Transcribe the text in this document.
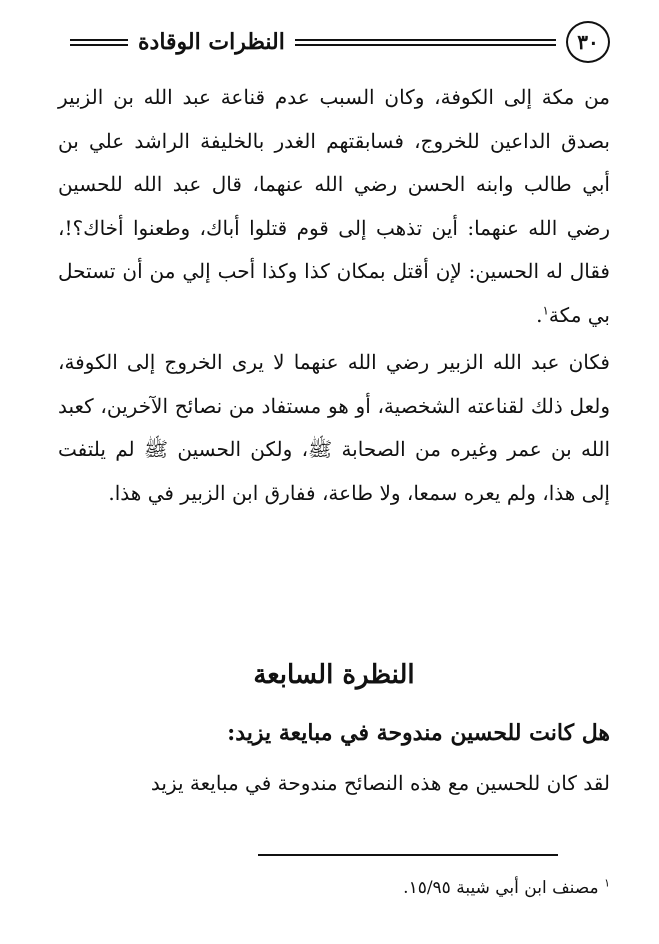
٣٠
النظرات الوقادة

من مكة إلى الكوفة، وكان السبب عدم قناعة عبد الله بن الزبير بصدق الداعين للخروج، فسابقتهم الغدر بالخليفة الراشد علي بن أبي طالب وابنه الحسن رضي الله عنهما، قال عبد الله للحسين رضي الله عنهما: أين تذهب إلى قوم قتلوا أباك، وطعنوا أخاك؟!، فقال له الحسين: لإن أقتل بمكان كذا وكذا أحب إلي من أن تستحل بي مكة$^١$.

فكان عبد الله الزبير رضي الله عنهما لا يرى الخروج إلى الكوفة، ولعل ذلك لقناعته الشخصية، أو هو مستفاد من نصائح الآخرين، كعبد الله بن عمر وغيره من الصحابة ﷺ، ولكن الحسين ﷺ لم يلتفت إلى هذا، ولم يعره سمعا، ولا طاعة، ففارق ابن الزبير في هذا.

النظرة السابعة
هل كانت للحسين مندوحة في مبايعة يزيد:
لقد كان للحسين مع هذه النصائح مندوحة في مبايعة يزيد
$^١$ مصنف ابن أبي شيبة ١٥/٩٥.
